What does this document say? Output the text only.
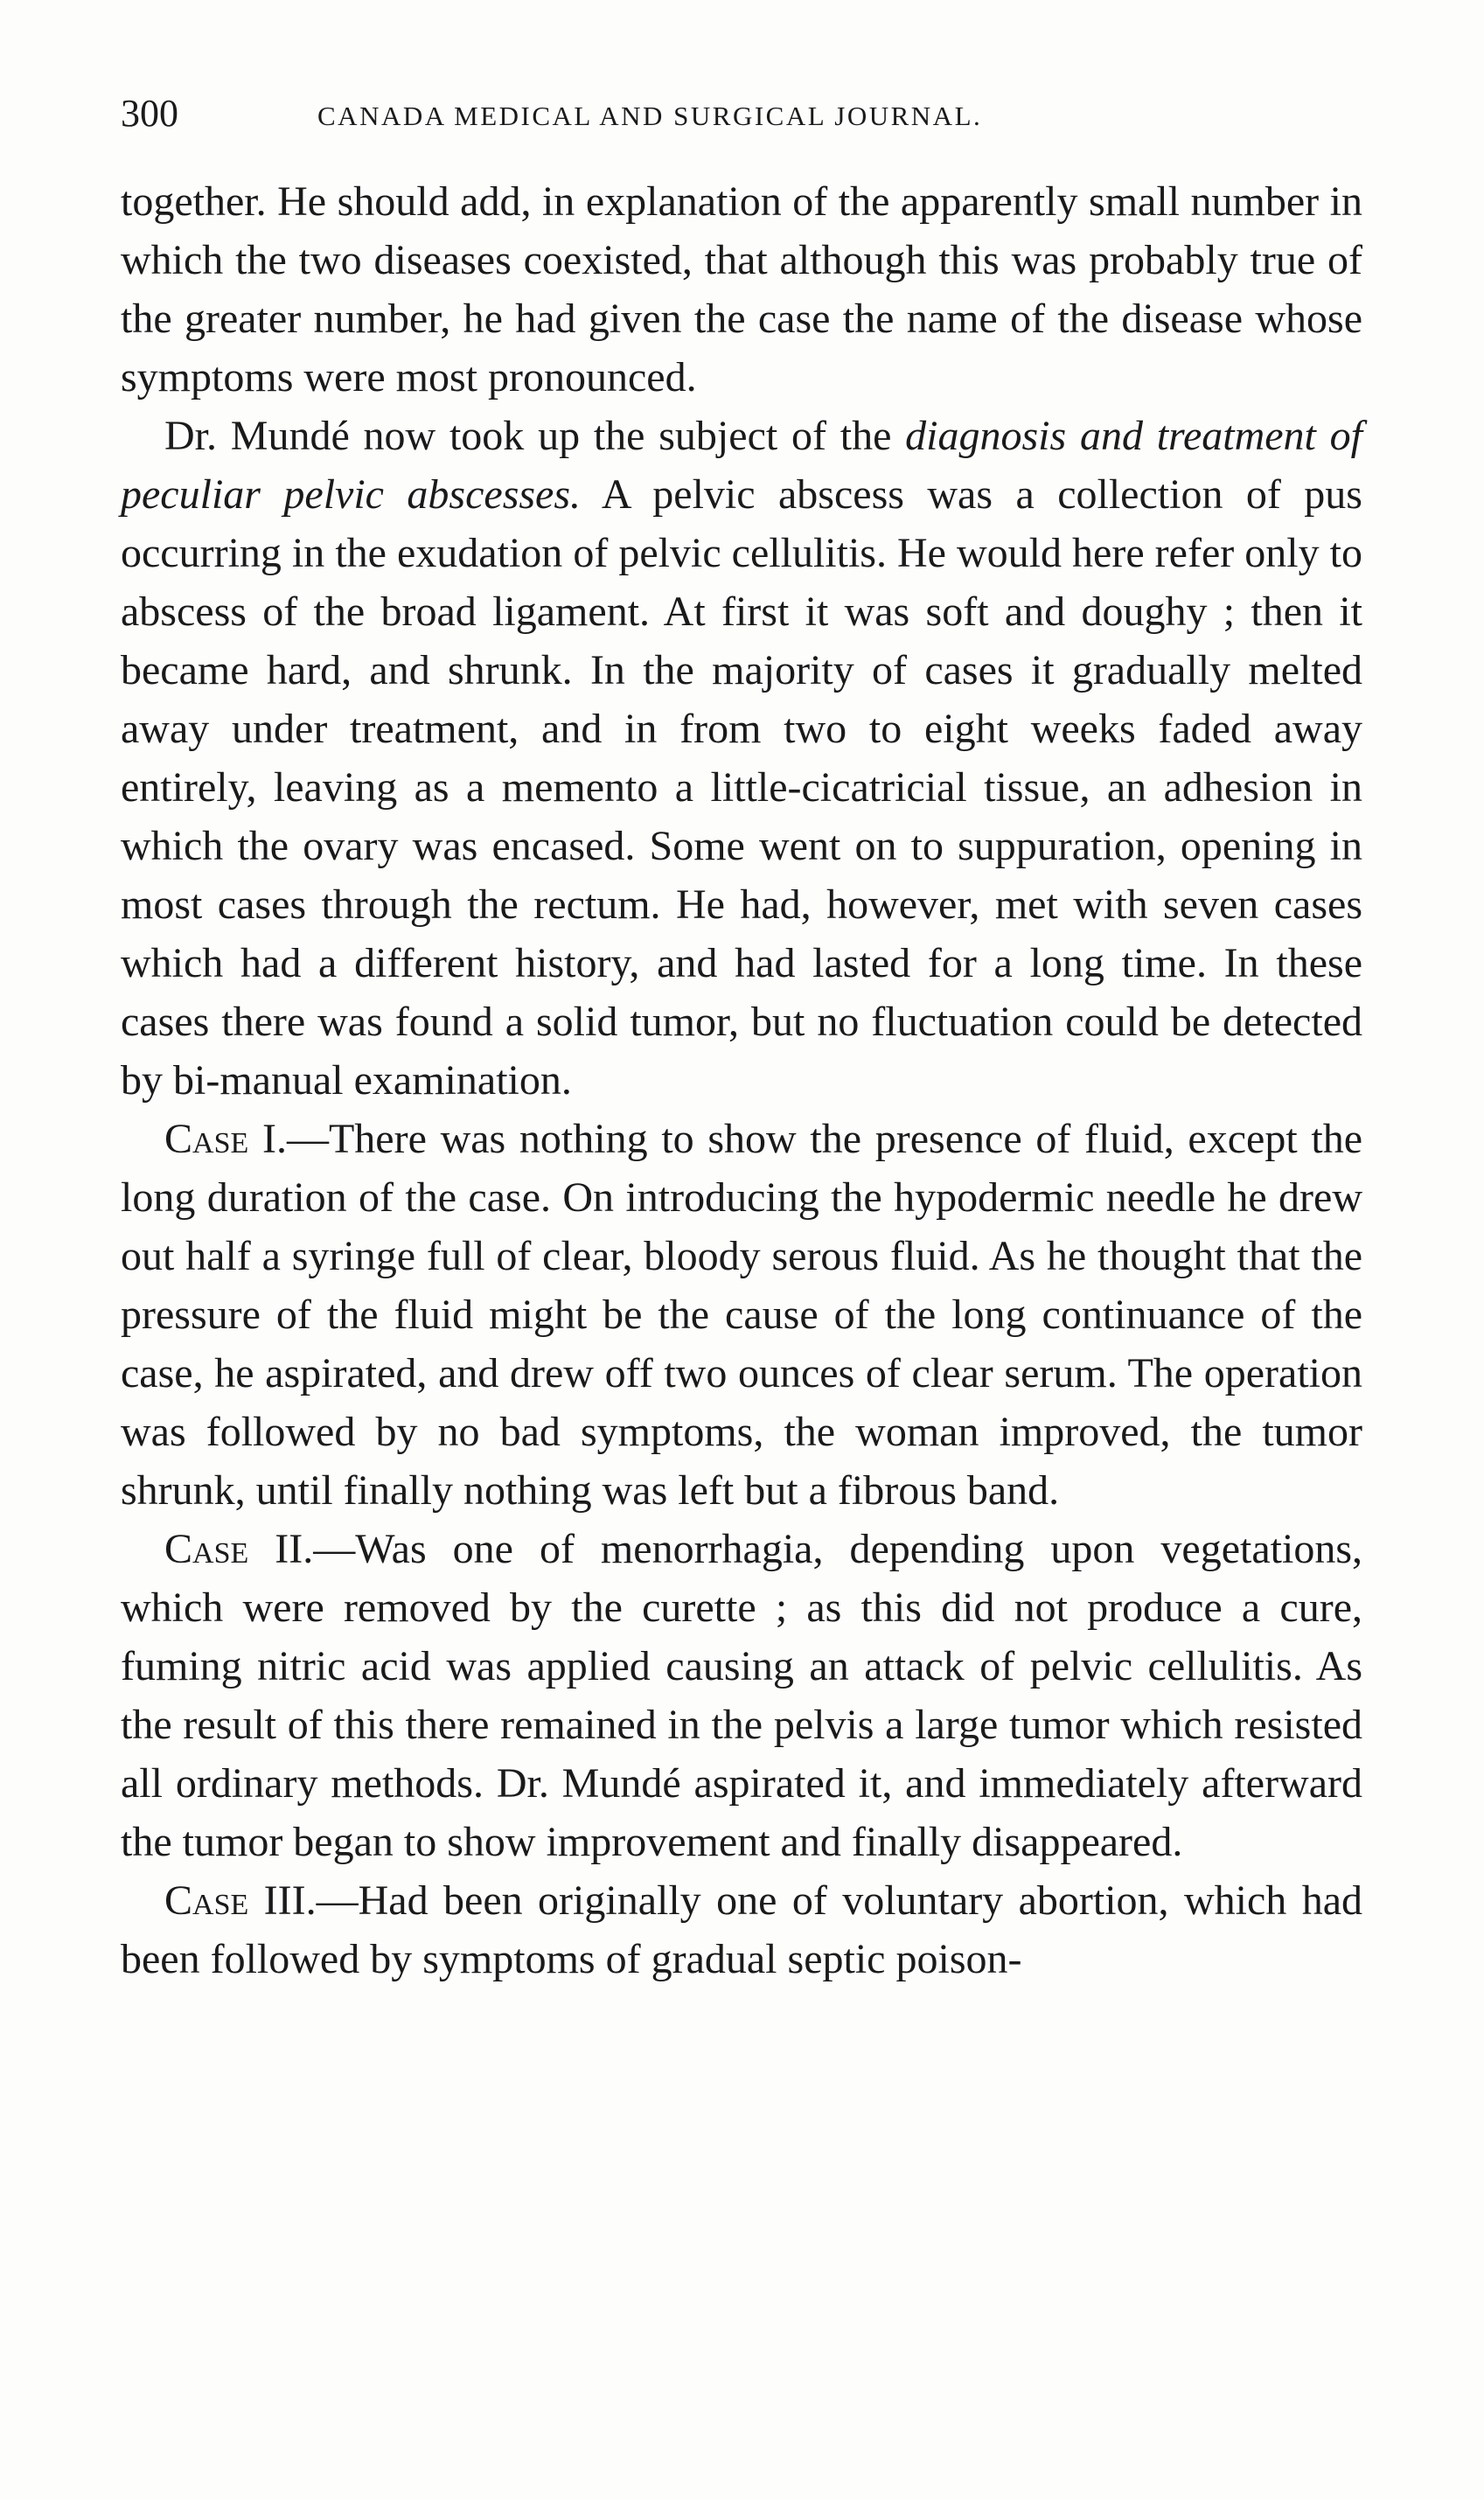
300	CANADA MEDICAL AND SURGICAL JOURNAL.

together. He should add, in explanation of the apparently small number in which the two diseases coexisted, that although this was probably true of the greater number, he had given the case the name of the disease whose symptoms were most pronounced.

Dr. Mundé now took up the subject of the diagnosis and treatment of peculiar pelvic abscesses. A pelvic abscess was a collection of pus occurring in the exudation of pelvic cellulitis. He would here refer only to abscess of the broad ligament. At first it was soft and doughy ; then it became hard, and shrunk. In the majority of cases it gradually melted away under treatment, and in from two to eight weeks faded away entirely, leaving as a memento a little-cicatricial tissue, an adhesion in which the ovary was encased. Some went on to suppuration, opening in most cases through the rectum. He had, however, met with seven cases which had a different history, and had lasted for a long time. In these cases there was found a solid tumor, but no fluctuation could be detected by bi-manual examination.

Case I.—There was nothing to show the presence of fluid, except the long duration of the case. On introducing the hypodermic needle he drew out half a syringe full of clear, bloody serous fluid. As he thought that the pressure of the fluid might be the cause of the long continuance of the case, he aspirated, and drew off two ounces of clear serum. The operation was followed by no bad symptoms, the woman improved, the tumor shrunk, until finally nothing was left but a fibrous band.

Case II.—Was one of menorrhagia, depending upon vegetations, which were removed by the curette ; as this did not produce a cure, fuming nitric acid was applied causing an attack of pelvic cellulitis. As the result of this there remained in the pelvis a large tumor which resisted all ordinary methods. Dr. Mundé aspirated it, and immediately afterward the tumor began to show improvement and finally disappeared.

Case III.—Had been originally one of voluntary abortion, which had been followed by symptoms of gradual septic poison-
